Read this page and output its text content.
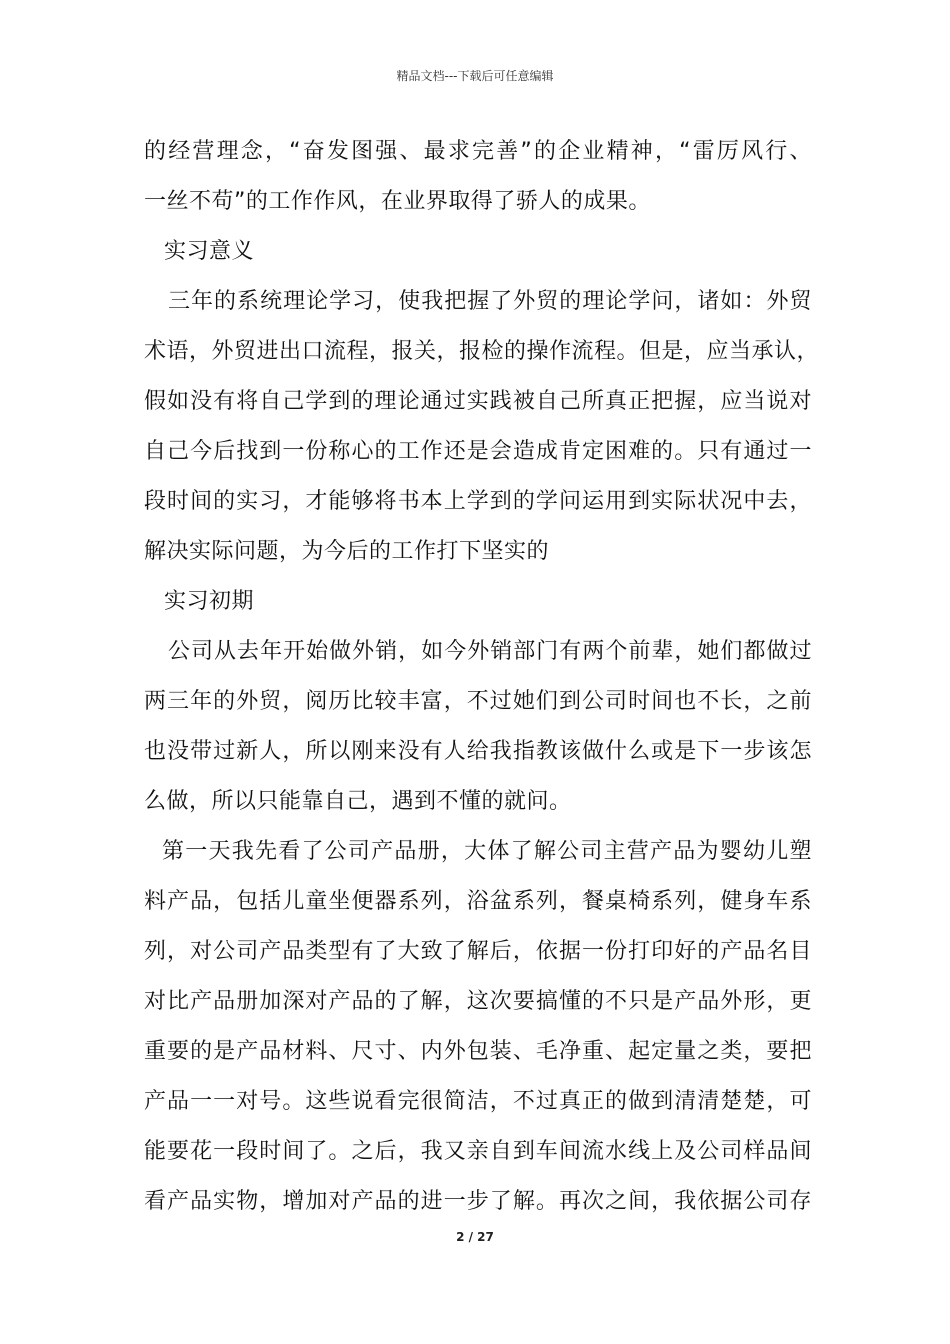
精品文档---下载后可任意编辑
的经营理念，“奋发图强、最求完善”的企业精神，“雷厉风行、
一丝不苟”的工作作风，在业界取得了骄人的成果。
实习意义
三年的系统理论学习，使我把握了外贸的理论学问，诸如：外贸
术语，外贸进出口流程，报关，报检的操作流程。但是，应当承认，
假如没有将自己学到的理论通过实践被自己所真正把握，应当说对
自己今后找到一份称心的工作还是会造成肯定困难的。只有通过一
段时间的实习，才能够将书本上学到的学问运用到实际状况中去，
解决实际问题，为今后的工作打下坚实的
实习初期
公司从去年开始做外销，如今外销部门有两个前辈，她们都做过
两三年的外贸，阅历比较丰富，不过她们到公司时间也不长，之前
也没带过新人，所以刚来没有人给我指教该做什么或是下一步该怎
么做，所以只能靠自己，遇到不懂的就问。
第一天我先看了公司产品册，大体了解公司主营产品为婴幼儿塑
料产品，包括儿童坐便器系列，浴盆系列，餐桌椅系列，健身车系
列，对公司产品类型有了大致了解后，依据一份打印好的产品名目
对比产品册加深对产品的了解，这次要搞懂的不只是产品外形，更
重要的是产品材料、尺寸、内外包装、毛净重、起定量之类，要把
产品一一对号。这些说看完很简洁，不过真正的做到清清楚楚，可
能要花一段时间了。之后，我又亲自到车间流水线上及公司样品间
看产品实物，增加对产品的进一步了解。再次之间，我依据公司存
2 / 27
